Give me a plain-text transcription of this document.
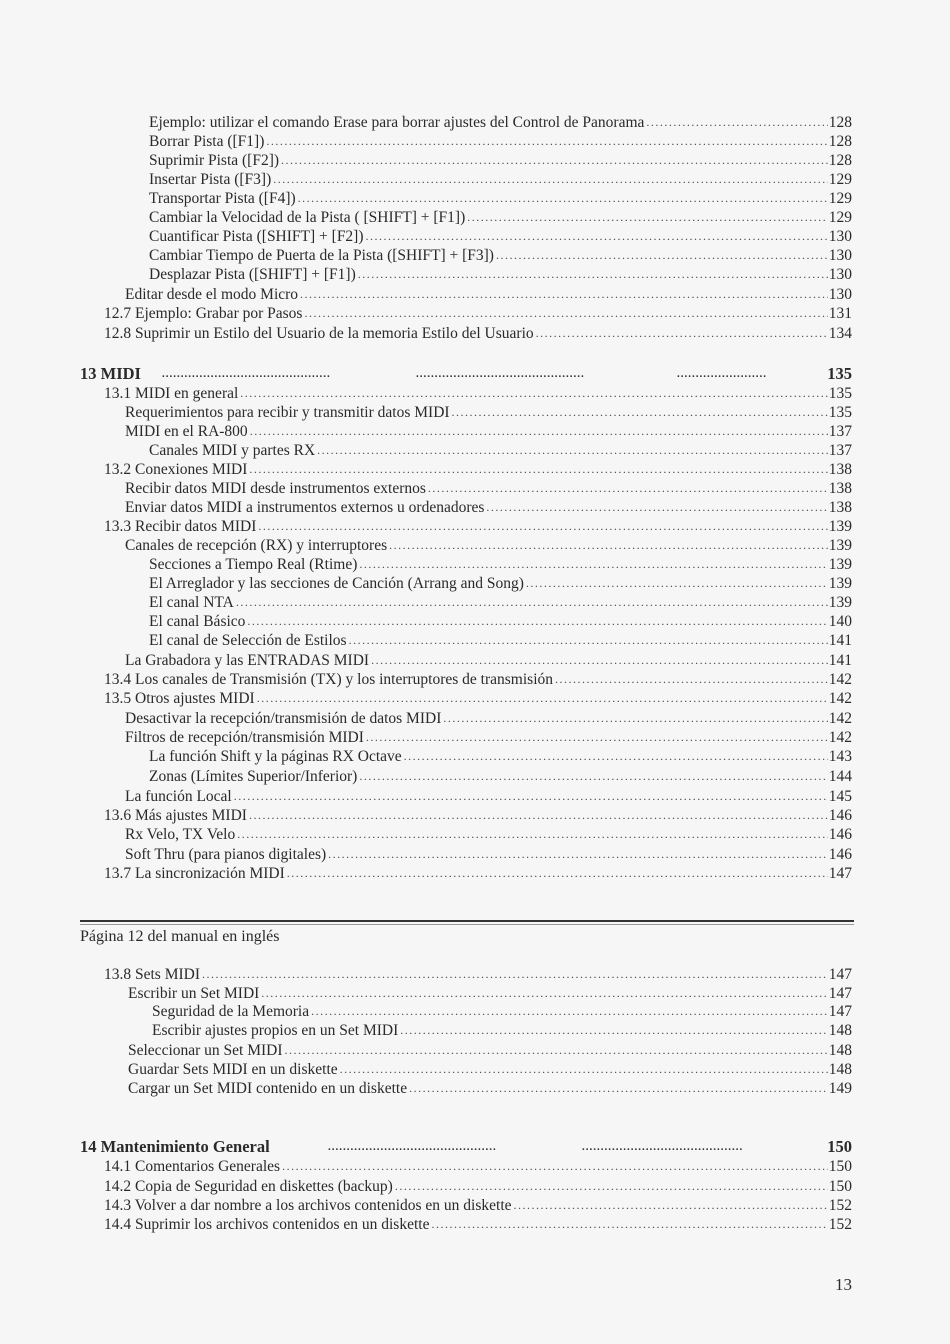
Ejemplo: utilizar el comando Erase para borrar ajustes del Control de Panorama .....	128
Borrar Pista ([F1]) .....	128
Suprimir Pista ([F2]) .....	128
Insertar Pista ([F3]) .....	129
Transportar Pista ([F4]) .....	129
Cambiar la Velocidad de la Pista ( [SHIFT] + [F1]) .....	129
Cuantificar Pista ([SHIFT] + [F2]) .....	130
Cambiar Tiempo de Puerta de la Pista ([SHIFT] + [F3]) .....	130
Desplazar Pista ([SHIFT] + [F1]) .....	130
Editar desde el modo Micro .....	130
12.7 Ejemplo: Grabar por Pasos .....	131
12.8 Suprimir un Estilo del Usuario de la memoria Estilo del Usuario .....	134
13 MIDI .............................................	.............................................	........................	135
13.1 MIDI en general .....	135
Requerimientos para recibir y transmitir datos MIDI .....	135
MIDI en el RA-800 .....	137
Canales MIDI y partes RX .....	137
13.2 Conexiones MIDI .....	138
Recibir datos MIDI desde instrumentos externos .....	138
Enviar datos MIDI a instrumentos externos u ordenadores .....	138
13.3 Recibir datos MIDI .....	139
Canales de recepción (RX) y interruptores .....	139
Secciones a Tiempo Real (Rtime) .....	139
El Arreglador y las secciones de Canción (Arrang and Song) .....	139
El canal NTA .....	139
El canal Básico .....	140
El canal de Selección de Estilos .....	141
La Grabadora y las ENTRADAS MIDI .....	141
13.4 Los canales de Transmisión (TX) y los interruptores de transmisión .....	142
13.5 Otros ajustes MIDI .....	142
Desactivar la recepción/transmisión de datos MIDI .....	142
Filtros de recepción/transmisión MIDI .....	142
La función Shift y la páginas RX Octave .....	143
Zonas (Límites Superior/Inferior) .....	144
La función Local .....	145
13.6 Más ajustes MIDI .....	146
Rx Velo, TX Velo .....	146
Soft Thru (para pianos digitales) .....	146
13.7 La sincronización MIDI .....	147
Página 12 del manual en inglés
13.8 Sets MIDI .....	147
Escribir un Set MIDI .....	147
Seguridad de la Memoria .....	147
Escribir ajustes propios en un Set MIDI .....	148
Seleccionar un Set MIDI .....	148
Guardar Sets MIDI en un diskette .....	148
Cargar un Set MIDI contenido en un diskette .....	149
14 Mantenimiento General	.............................................	...........................................	150
14.1 Comentarios Generales .....	150
14.2 Copia de Seguridad en diskettes (backup) .....	150
14.3 Volver a dar nombre a los archivos contenidos en un diskette .....	152
14.4 Suprimir los archivos contenidos en un diskette .....	152
13
